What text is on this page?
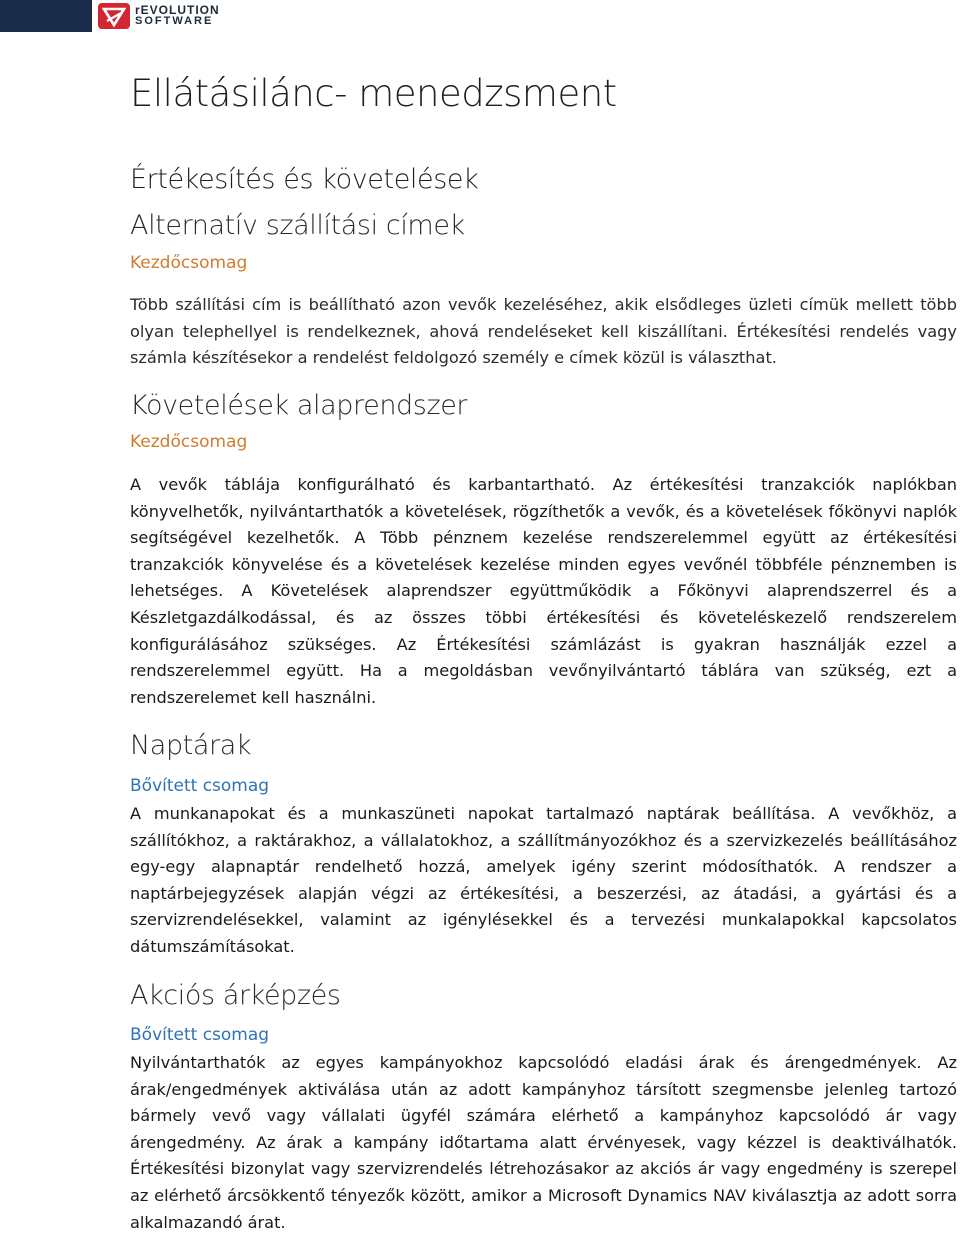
rEVOLUTION
SOFTWARE
Ellátásilánc- menedzsment
Értékesítés és követelések
Alternatív szállítási címek
Kezdőcsomag

Több szállítási cím is beállítható azon vevők kezeléséhez, akik elsődleges üzleti címük mellett több olyan telephellyel is rendelkeznek, ahová rendeléseket kell kiszállítani. Értékesítési rendelés vagy számla készítésekor a rendelést feldolgozó személy e címek közül is választhat.

Követelések alaprendszer
Kezdőcsomag

A vevők táblája konfigurálható és karbantartható. Az értékesítési tranzakciók naplókban könyvelhetők, nyilvántarthatók a követelések, rögzíthetők a vevők, és a követelések főkönyvi naplók segítségével kezelhetők. A Több pénznem kezelése rendszerelemmel együtt az értékesítési tranzakciók könyvelése és a követelések kezelése minden egyes vevőnél többféle pénznemben is lehetséges. A Követelések alaprendszer együttműködik a Főkönyvi alaprendszerrel és a Készletgazdálkodással, és az összes többi értékesítési és követeléskezelő rendszerelem konfigurálásához szükséges. Az Értékesítési számlázást is gyakran használják ezzel a rendszerelemmel együtt. Ha a megoldásban vevőnyilvántartó táblára van szükség, ezt a rendszerelemet kell használni.

Naptárak
Bővített csomag

A munkanapokat és a munkaszüneti napokat tartalmazó naptárak beállítása. A vevőkhöz, a szállítókhoz, a raktárakhoz, a vállalatokhoz, a szállítmányozókhoz és a szervizkezelés beállításához egy-egy alapnaptár rendelhető hozzá, amelyek igény szerint módosíthatók. A rendszer a naptárbejegyzések alapján végzi az értékesítési, a beszerzési, az átadási, a gyártási és a szervizrendelésekkel, valamint az igénylésekkel és a tervezési munkalapokkal kapcsolatos dátumszámításokat.

Akciós árképzés
Bővített csomag

Nyilvántarthatók az egyes kampányokhoz kapcsolódó eladási árak és árengedmények. Az árak/engedmények aktiválása után az adott kampányhoz társított szegmensbe jelenleg tartozó bármely vevő vagy vállalati ügyfél számára elérhető a kampányhoz kapcsolódó ár vagy árengedmény. Az árak a kampány időtartama alatt érvényesek, vagy kézzel is deaktiválhatók. Értékesítési bizonylat vagy szervizrendelés létrehozásakor az akciós ár vagy engedmény is szerepel az elérhető árcsökkentő tényezők között, amikor a Microsoft Dynamics NAV kiválasztja az adott sorra alkalmazandó árat.
